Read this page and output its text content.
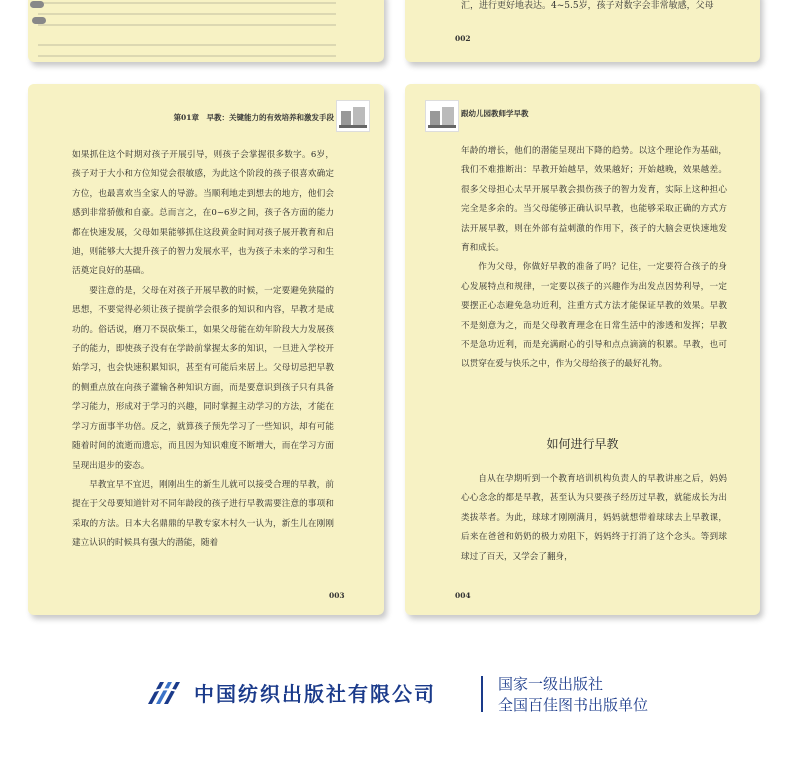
汇，进行更好地表达。4~5.5岁，孩子对数字会非常敏感，父母
002
第01章　早教：关键能力的有效培养和激发手段

如果抓住这个时期对孩子开展引导，则孩子会掌握很多数字。6岁，孩子对于大小和方位知觉会很敏感，为此这个阶段的孩子很喜欢确定方位，也最喜欢当全家人的导游。当顺利地走到想去的地方，他们会感到非常骄傲和自豪。总而言之，在0~6岁之间，孩子各方面的能力都在快速发展，父母如果能够抓住这段黄金时间对孩子展开教育和启迪，则能够大大提升孩子的智力发展水平，也为孩子未来的学习和生活奠定良好的基础。

要注意的是，父母在对孩子开展早教的时候，一定要避免狭隘的思想，不要觉得必须让孩子提前学会很多的知识和内容，早教才是成功的。俗话说，磨刀不误砍柴工，如果父母能在幼年阶段大力发展孩子的能力，即使孩子没有在学龄前掌握太多的知识，一旦进入学校开始学习，也会快速积累知识，甚至有可能后来居上。父母切忌把早教的侧重点放在向孩子灌输各种知识方面，而是要意识到孩子只有具备学习能力，形成对于学习的兴趣，同时掌握主动学习的方法，才能在学习方面事半功倍。反之，就算孩子预先学习了一些知识，却有可能随着时间的流逝而遗忘，而且因为知识难度不断增大，而在学习方面呈现出退步的姿态。

早教宜早不宜迟，刚刚出生的新生儿就可以接受合理的早教，前提在于父母要知道针对不同年龄段的孩子进行早教需要注意的事项和采取的方法。日本大名鼎鼎的早教专家木村久一认为，新生儿在刚刚建立认识的时候具有强大的潜能，随着

003
跟幼儿园教师学早教

年龄的增长，他们的潜能呈现出下降的趋势。以这个理论作为基础，我们不难推断出：早教开始越早，效果越好；开始越晚，效果越差。很多父母担心太早开展早教会损伤孩子的智力发育，实际上这种担心完全是多余的。当父母能够正确认识早教，也能够采取正确的方式方法开展早教，则在外部有益刺激的作用下，孩子的大脑会更快速地发育和成长。

作为父母，你做好早教的准备了吗？记住，一定要符合孩子的身心发展特点和规律，一定要以孩子的兴趣作为出发点因势利导，一定要摆正心态避免急功近利，注重方式方法才能保证早教的效果。早教不是刻意为之，而是父母教育理念在日常生活中的渗透和发挥；早教不是急功近利，而是充满耐心的引导和点点滴滴的积累。早教，也可以贯穿在爱与快乐之中，作为父母给孩子的最好礼物。

如何进行早教

自从在孕期听到一个教育培训机构负责人的早教讲座之后，妈妈心心念念的都是早教，甚至认为只要孩子经历过早教，就能成长为出类拔萃者。为此，球球才刚刚满月，妈妈就想带着球球去上早教课，后来在爸爸和奶奶的极力劝阻下，妈妈终于打消了这个念头。等到球球过了百天，又学会了翻身，

004
中国纺织出版社有限公司	国家一级出版社
全国百佳图书出版单位
